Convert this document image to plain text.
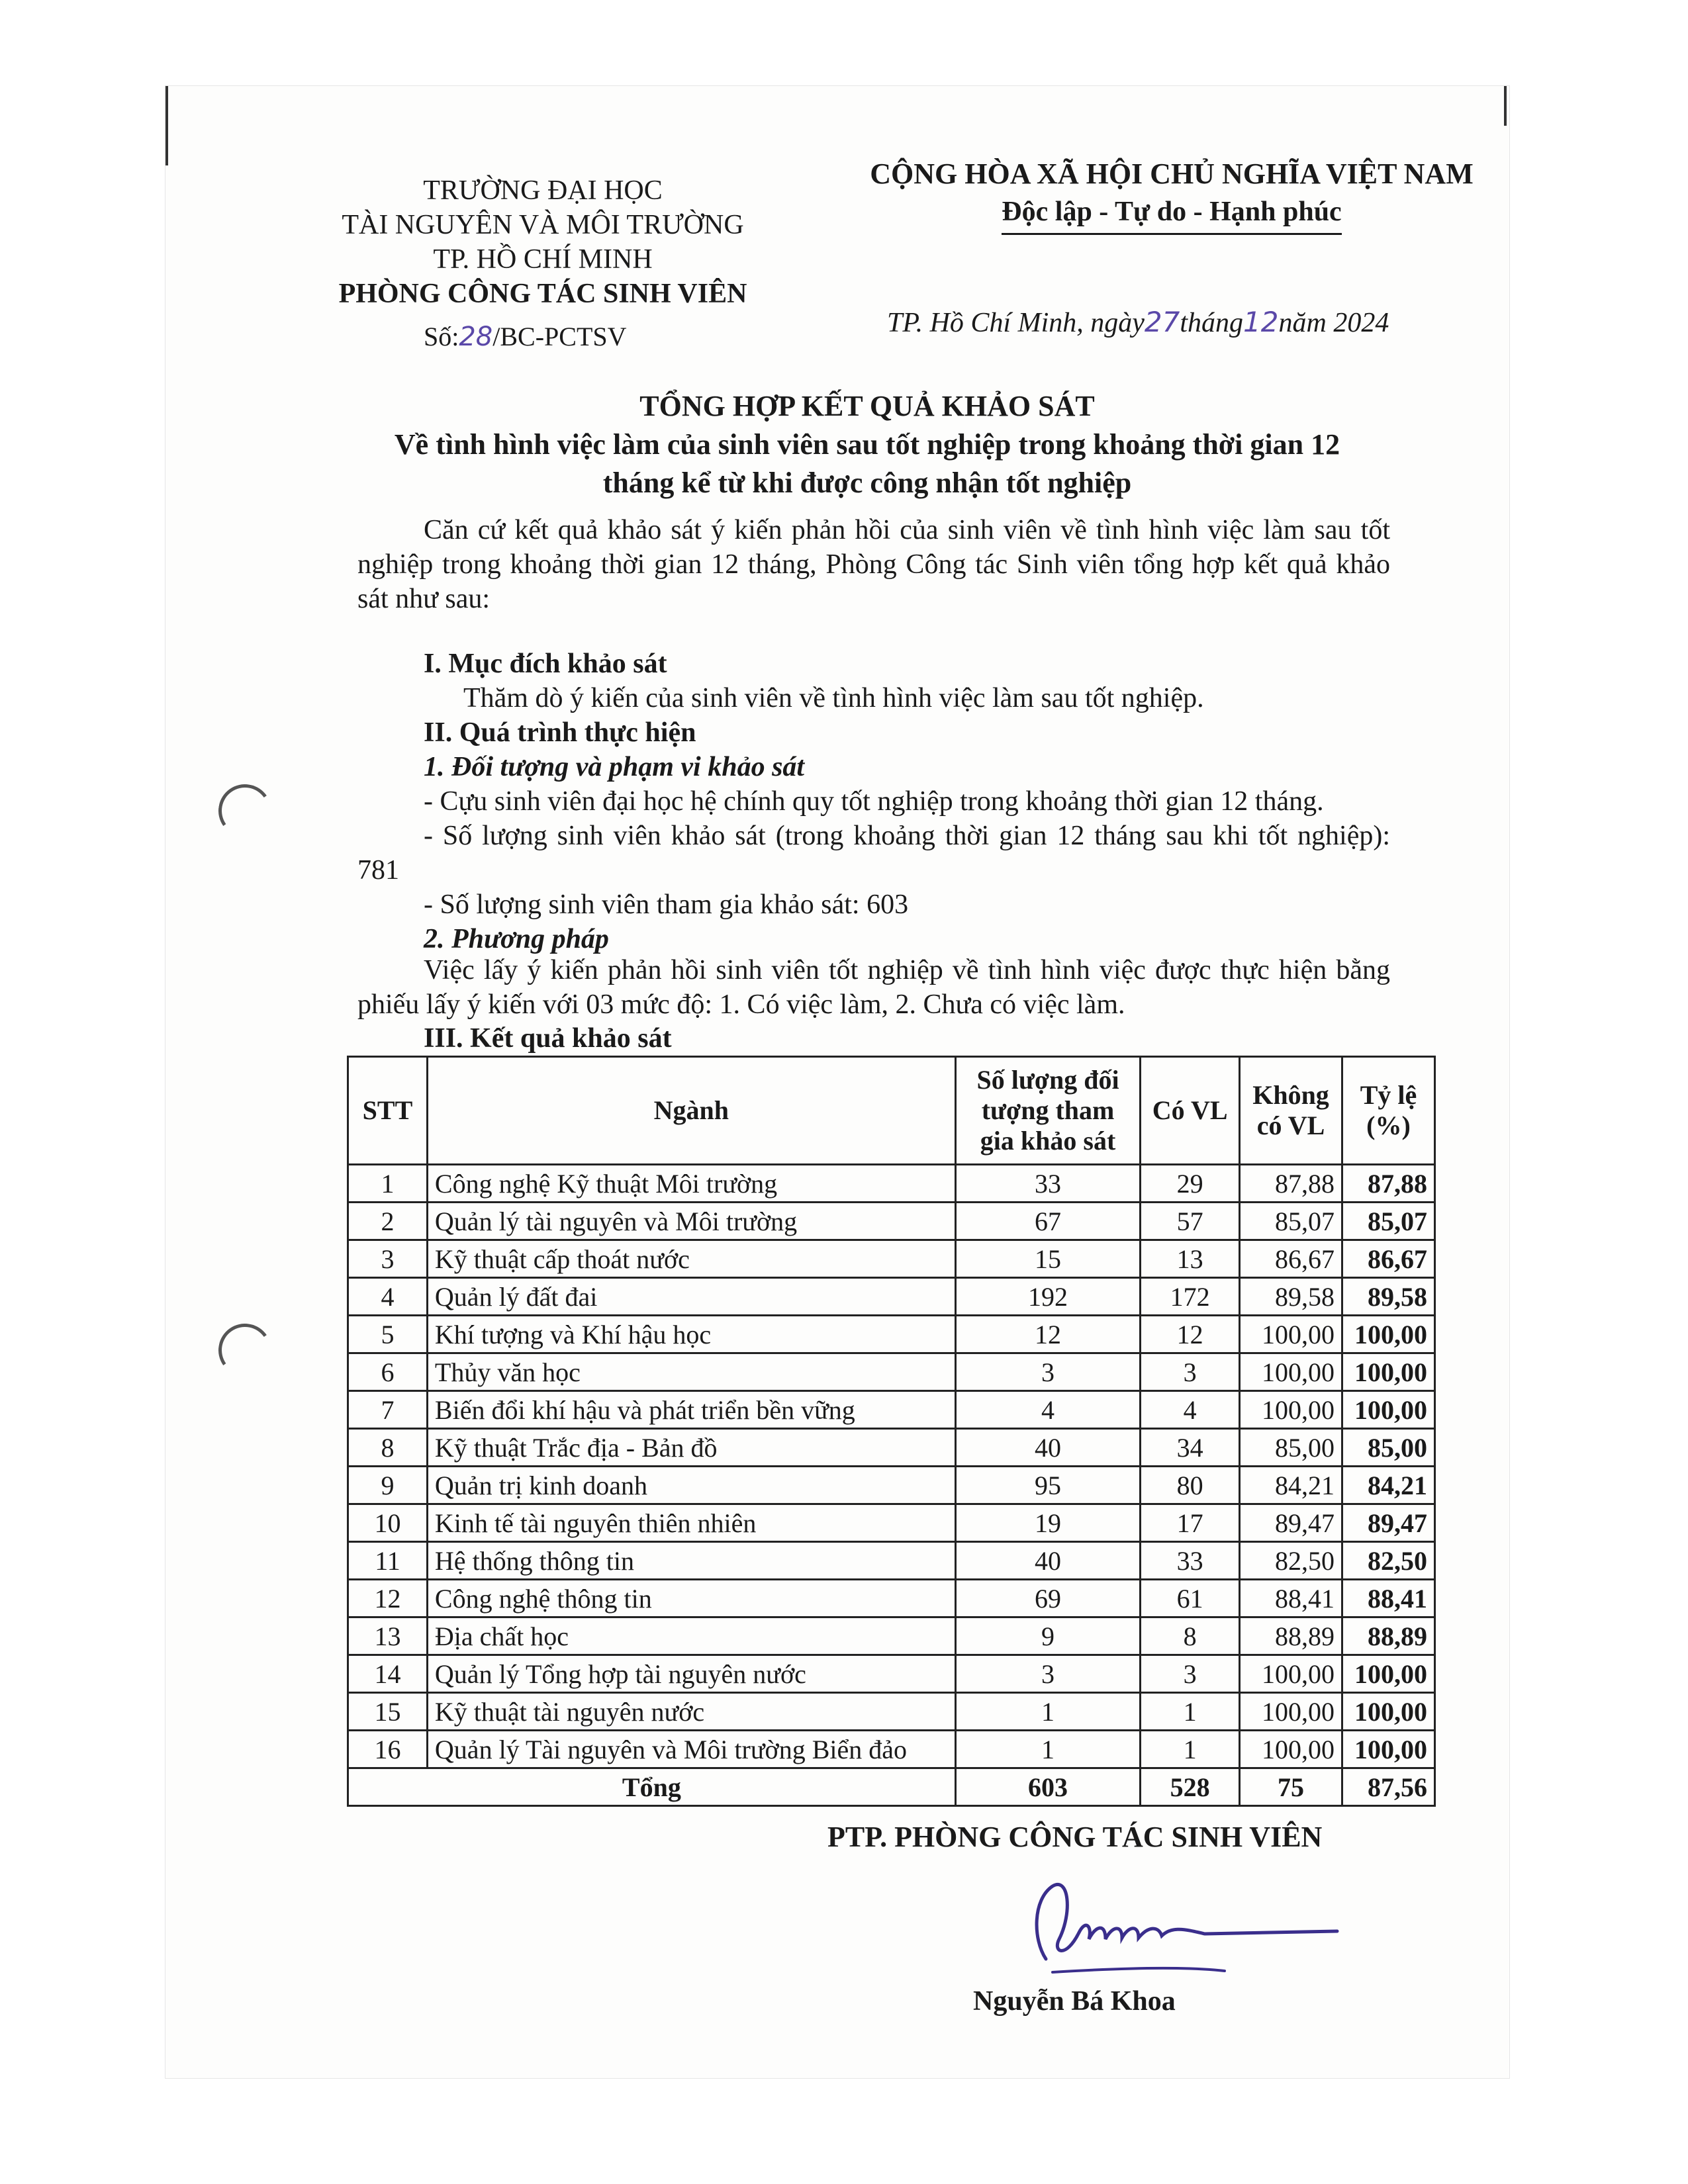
TRƯỜNG ĐẠI HỌC
TÀI NGUYÊN VÀ MÔI TRƯỜNG
TP. HỒ CHÍ MINH
PHÒNG CÔNG TÁC SINH VIÊN
Số:28/BC-PCTSV
CỘNG HÒA XÃ HỘI CHỦ NGHĨA VIỆT NAM
Độc lập - Tự do - Hạnh phúc
TP. Hồ Chí Minh, ngày27tháng12năm 2024
TỔNG HỢP KẾT QUẢ KHẢO SÁT
Về tình hình việc làm của sinh viên sau tốt nghiệp trong khoảng thời gian 12
tháng kể từ khi được công nhận tốt nghiệp
Căn cứ kết quả khảo sát ý kiến phản hồi của sinh viên về tình hình việc làm sau tốt nghiệp trong khoảng thời gian 12 tháng, Phòng Công tác Sinh viên tổng hợp kết quả khảo sát như sau:
I. Mục đích khảo sát
Thăm dò ý kiến của sinh viên về tình hình việc làm sau tốt nghiệp.
II. Quá trình thực hiện
1. Đối tượng và phạm vi khảo sát
- Cựu sinh viên đại học hệ chính quy tốt nghiệp trong khoảng thời gian 12 tháng.
- Số lượng sinh viên khảo sát (trong khoảng thời gian 12 tháng sau khi tốt nghiệp): 781
- Số lượng sinh viên tham gia khảo sát: 603
2. Phương pháp
Việc lấy ý kiến phản hồi sinh viên tốt nghiệp về tình hình việc được thực hiện bằng phiếu lấy ý kiến với 03 mức độ: 1. Có việc làm, 2. Chưa có việc làm.
III. Kết quả khảo sát
STT	Ngành	Số lượng đối tượng tham gia khảo sát	Có VL	Không có VL	Tỷ lệ (%)
1	Công nghệ Kỹ thuật Môi trường	33	29	87,88	87,88
2	Quản lý tài nguyên và Môi trường	67	57	85,07	85,07
3	Kỹ thuật cấp thoát nước	15	13	86,67	86,67
4	Quản lý đất đai	192	172	89,58	89,58
5	Khí tượng và Khí hậu học	12	12	100,00	100,00
6	Thủy văn học	3	3	100,00	100,00
7	Biến đổi khí hậu và phát triển bền vững	4	4	100,00	100,00
8	Kỹ thuật Trắc địa - Bản đồ	40	34	85,00	85,00
9	Quản trị kinh doanh	95	80	84,21	84,21
10	Kinh tế tài nguyên thiên nhiên	19	17	89,47	89,47
11	Hệ thống thông tin	40	33	82,50	82,50
12	Công nghệ thông tin	69	61	88,41	88,41
13	Địa chất học	9	8	88,89	88,89
14	Quản lý Tổng hợp tài nguyên nước	3	3	100,00	100,00
15	Kỹ thuật tài nguyên nước	1	1	100,00	100,00
16	Quản lý Tài nguyên và Môi trường Biển đảo	1	1	100,00	100,00
Tổng		603	528	75	87,56
PTP. PHÒNG CÔNG TÁC SINH VIÊN
Nguyễn Bá Khoa
